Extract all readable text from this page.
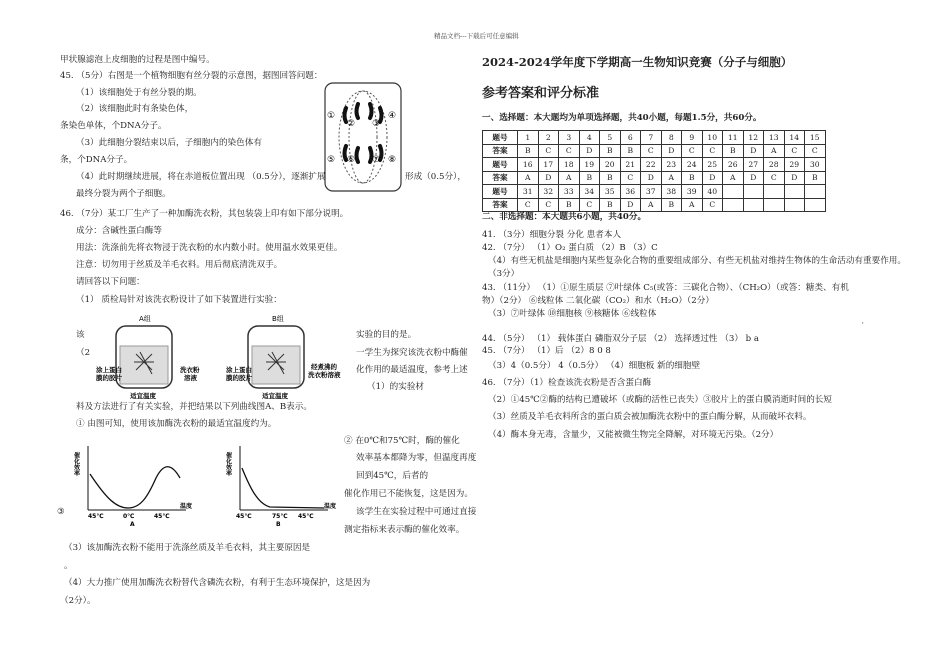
精品文档---下载后可任意编辑
甲状腺滤泡上皮细胞的过程是图中编号。
45. （5分）右图是一个植物细胞有丝分裂的示意图，据图回答问题：
（1）该细胞处于有丝分裂的期。
（2）该细胞此时有条染色体，
条染色单体，个DNA分子。
（3）此细胞分裂结束以后，子细胞内的染色体有
条，个DNA分子。
（4）此时期继续进展，将在赤道板位置出现 （0.5分），逐渐扩展	形成（0.5分），
最终分裂为两个子细胞。
①
② ③
④
⑤ ⑥ ⑦ ⑧
46. （7分）某工厂生产了一种加酶洗衣粉，其包装袋上印有如下部分说明。
成分：含碱性蛋白酶等
用法：洗涤前先将衣物浸于洗衣粉的水内数小时。使用温水效果更佳。
注意：切勿用于丝质及羊毛衣料。用后彻底清洗双手。
请回答以下问题：
（1） 质检局针对该洗衣粉设计了如下装置进行实验：
该
（2
A组	B组
涂上蛋白
膜的胶片
洗衣粉
溶液
涂上蛋白
膜的胶片
经煮沸的
洗衣粉溶液
适宜温度	适宜温度
实验的目的是。
一学生为探究该洗衣粉中酶催
化作用的最适温度，参考上述
（1）的实验材
料及方法进行了有关实验，并把结果以下列曲线图A、B表示。
① 由图可知，使用该加酶洗衣粉的最适宜温度约为。
催化效率
温度
45℃	0℃	45℃
A
催化效率
温度
45℃	75℃ 45℃
B
② 在0℃和75℃时，酶的催化
效率基本都降为零，但温度再度
回到45℃，后者的
催化作用已不能恢复，这是因为。
该学生在实验过程中可通过直接
测定指标来表示酶的催化效率。
③
（3）该加酶洗衣粉不能用于洗涤丝质及羊毛衣料，其主要原因是
。
（4）大力推广使用加酶洗衣粉替代含磷洗衣粉，有利于生态环境保护，这是因为
（2分）。
2024-2024学年度下学期高一生物知识竞赛（分子与细胞）
参考答案和评分标准
一、选择题：本大题均为单项选择题，共40小题，每题1.5分，共60分。
题号	1	2	3	4	5	6	7	8	9	10	11	12	13	14	15
答案	B	C	C	D	B	B	C	D	C	C	B	D	A	C	C
题号	16	17	18	19	20	21	22	23	24	25	26	27	28	29	30
答案	A	D	A	B	B	C	D	A	B	D	A	D	C	D	B
题号	31	32	33	34	35	36	37	38	39	40					
答案	C	C	B	C	B	D	A	B	A	C					
二、非选择题：本大题共6小题，共40分。
41. （3分）细胞分裂 分化 患者本人
42. （7分） （1）O₂ 蛋白质 （2）B （3）C
（4）有些无机盐是细胞内某些复杂化合物的重要组成部分、有些无机盐对维持生物体的生命活动有重要作用。
（3分）
43. （11分） （1）①原生质层 ⑦叶绿体 C₅(或答：三碳化合物）、（CH₂O）（或答：糖类、有机
物）（2分） ⑥线粒体 二氧化碳（CO₂）和水（H₂O）（2分）
（3）⑦叶绿体 ⑩细胞核 ⑨核糖体 ⑥线粒体
'
44. （5分） （1） 载体蛋白 磷脂双分子层 （2） 选择透过性 （3） b a
45. （7分） （1）后 （2）8 0 8
（3）4（0.5分） 4（0.5分） （4）细胞板 新的细胞壁
46. （7分）（1）检查该洗衣粉是否含蛋白酶
（2）①45℃②酶的结构已遭破坏（或酶的活性已丧失）③胶片上的蛋白膜消逝时间的长短
（3）丝质及羊毛衣料所含的蛋白质会被加酶洗衣粉中的蛋白酶分解，从而破坏衣料。
（4）酶本身无毒，含量少，又能被微生物完全降解，对环境无污染。（2分）
